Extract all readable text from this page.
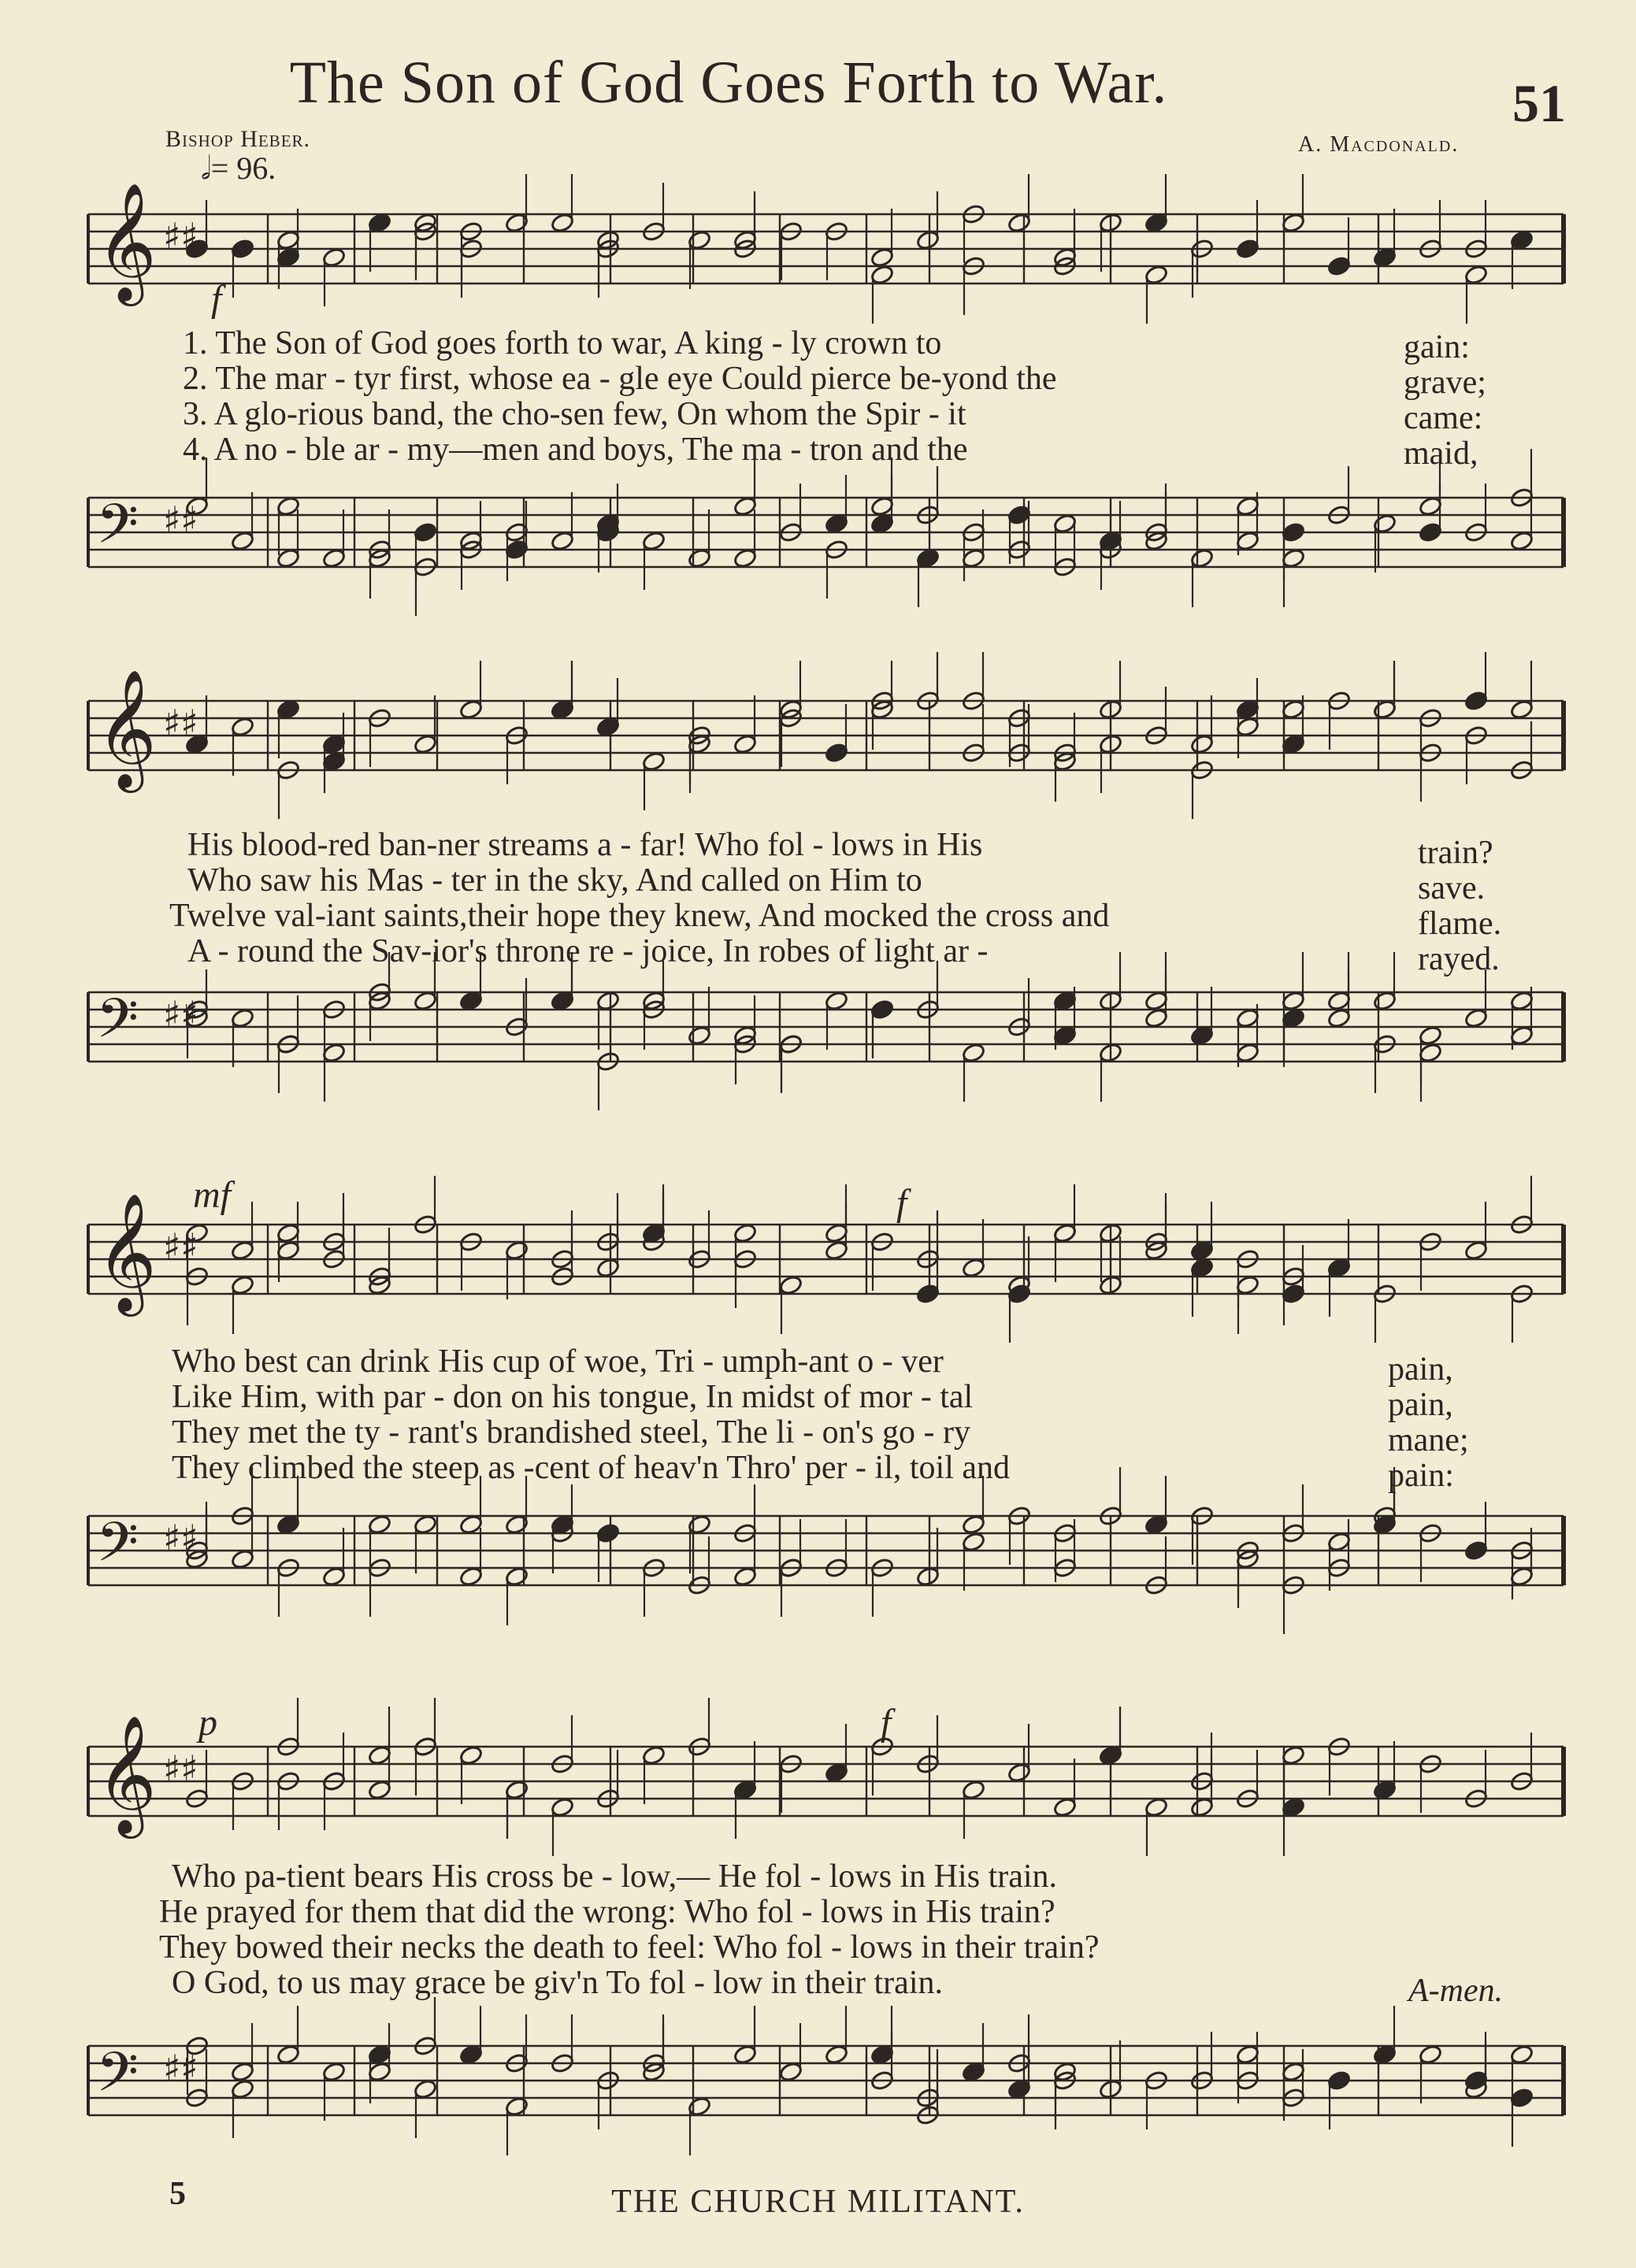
The Son of God Goes Forth to War.	51
Bishop Heber.	A. Macdonald.
𝅗𝅥= 96.
f
mf	f
p	f
𝄞 ♯♯
𝄢 ♯♯
1. The Son of God goes forth to war, A king - ly crown to
2. The mar - tyr first, whose ea - gle eye Could pierce be-yond the
3. A glo-rious band, the cho-sen few, On whom the Spir - it
4. A no - ble ar - my—men and boys, The ma - tron and the
gain:
grave;
came:
maid,
𝄞 ♯♯
𝄢 ♯♯
His blood-red ban-ner streams a - far! Who fol - lows in His
Who saw his Mas - ter in the sky, And called on Him to
Twelve val-iant saints,their hope they knew, And mocked the cross and
A - round the Sav-ior's throne re - joice, In robes of light ar -
train?
save.
flame.
rayed.
𝄞 ♯♯
𝄢 ♯♯
Who best can drink His cup of woe, Tri - umph-ant o - ver
Like Him, with par - don on his tongue, In midst of mor - tal
They met the ty - rant's brandished steel, The li - on's go - ry
They climbed the steep as -cent of heav'n Thro' per - il, toil and
pain,
pain,
mane;
pain:
𝄞 ♯♯
𝄢 ♯♯
Who pa-tient bears His cross be - low,— He fol - lows in His train.
He prayed for them that did the wrong: Who fol - lows in His train?
They bowed their necks the death to feel: Who fol - lows in their train?
O God, to us may grace be giv'n To fol - low in their train.	A-men.
5	THE CHURCH MILITANT.
